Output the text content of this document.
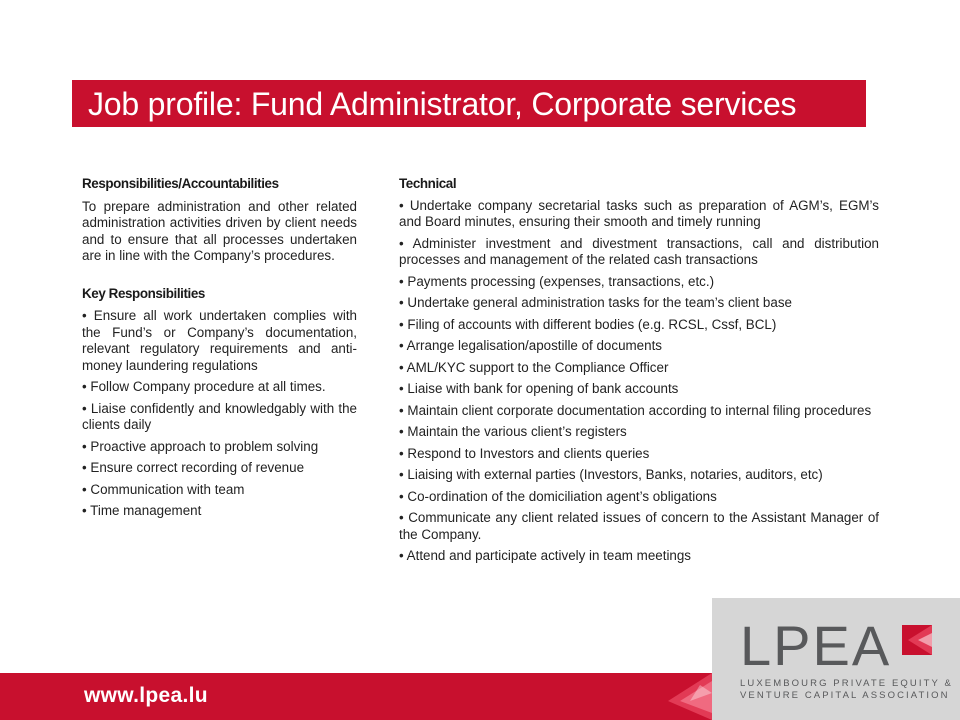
Job profile: Fund Administrator, Corporate services
Responsibilities/Accountabilities

To prepare administration and other related administration activities driven by client needs and to ensure that all processes undertaken are in line with the Company’s procedures.

Key Responsibilities
• Ensure all work undertaken complies with the Fund’s or Company’s documentation, relevant regulatory requirements and anti-money laundering regulations
• Follow Company procedure at all times.
• Liaise confidently and knowledgably with the clients daily
• Proactive approach to problem solving
• Ensure correct recording of revenue
• Communication with team
• Time management
Technical
• Undertake company secretarial tasks such as preparation of AGM’s, EGM’s and Board minutes, ensuring their smooth and timely running
• Administer investment and divestment transactions, call and distribution processes and management of the related cash transactions
• Payments processing (expenses, transactions, etc.)
• Undertake general administration tasks for the team’s client base
• Filing of accounts with different bodies (e.g. RCSL, Cssf, BCL)
• Arrange legalisation/apostille of documents
• AML/KYC support to the Compliance Officer
• Liaise with bank for opening of bank accounts
• Maintain client corporate documentation according to internal filing procedures
• Maintain the various client’s registers
• Respond to Investors and clients queries
• Liaising with external parties (Investors, Banks, notaries, auditors, etc)
• Co-ordination of the domiciliation agent’s obligations
• Communicate any client related issues of concern to the Assistant Manager of the Company.
• Attend and participate actively in team meetings
www.lpea.lu
LPEA
LUXEMBOURG PRIVATE EQUITY &
VENTURE CAPITAL ASSOCIATION
